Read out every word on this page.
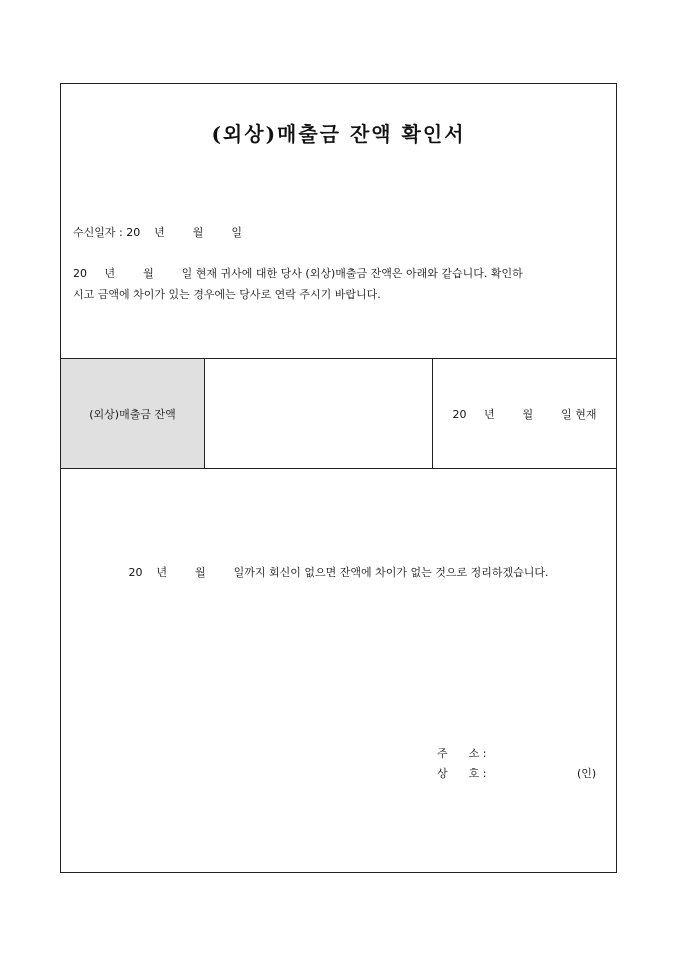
(외상)매출금 잔액 확인서
수신일자 : 20    년        월        일
20     년        월        일 현재 귀사에 대한 당사 (외상)매출금 잔액은 아래와 같습니다. 확인하
시고 금액에 차이가 있는 경우에는 당사로 연락 주시기 바랍니다.
(외상)매출금 잔액	20     년        월        일 현재
20    년        월        일까지 회신이 없으면 잔액에 차이가 없는 것으로 정리하겠습니다.
주      소 :
상      호 :	(인)
